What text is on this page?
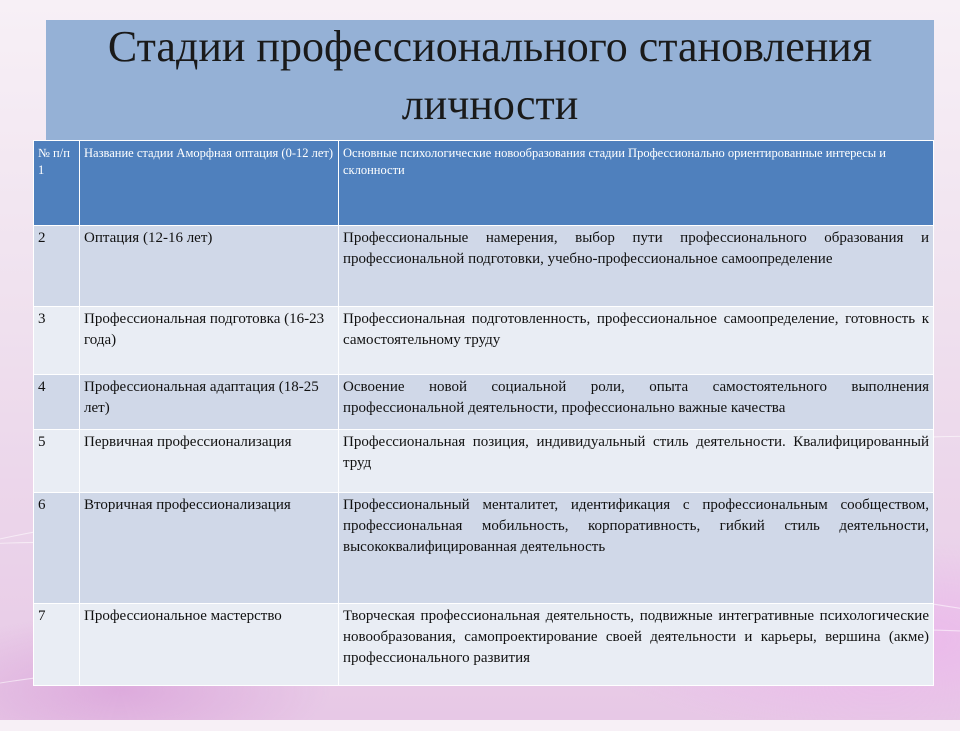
Стадии профессионального становления личности
№ п/п 1	Название стадии Аморфная оптация (0-12 лет)	Основные психологические новообразования стадии Профессионально ориентированные интересы и склонности
2	Оптация (12-16 лет)	Профессиональные намерения, выбор пути профессионального образования и профессиональной подготовки, учебно-профессиональное самоопределение
3	Профессиональная подготовка (16-23 года)	Профессиональная подготовленность, профессиональное самоопределение, готовность к самостоятельному труду
4	Профессиональная адаптация (18-25 лет)	Освоение новой социальной роли, опыта самостоятельного выполнения профессиональной деятельности, профессионально важные качества
5	Первичная профессионализация	Профессиональная позиция, индивидуальный стиль деятельности. Квалифицированный труд
6	Вторичная профессионализация	Профессиональный менталитет, идентификация с профессиональным сообществом, профессиональная мобильность, корпоративность, гибкий стиль деятельности, высококвалифицированная деятельность
7	Профессиональное мастерство	Творческая профессиональная деятельность, подвижные интегративные психологические новообразования, самопроектирование своей деятельности и карьеры, вершина (акме) профессионального развития
